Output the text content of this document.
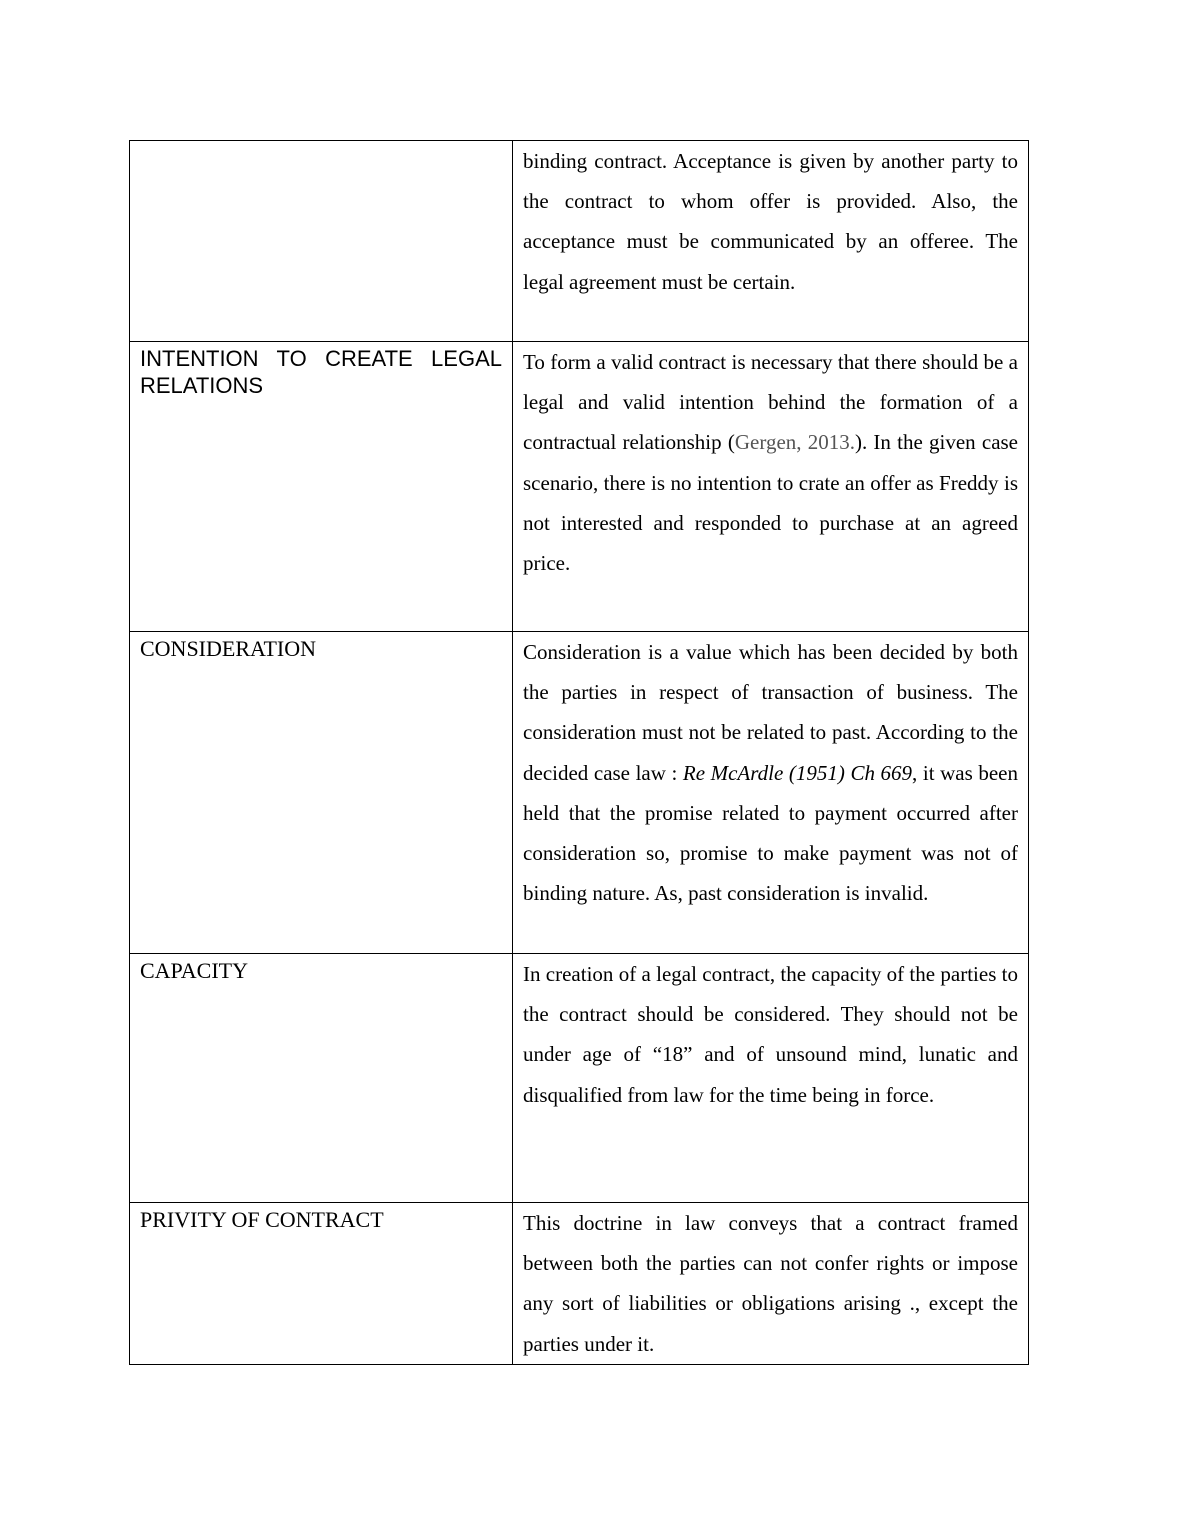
	binding contract. Acceptance is given by another party to the contract to whom offer is provided. Also, the acceptance must be communicated by an offeree. The legal agreement must be certain.

INTENTION TO CREATE LEGAL RELATIONS	To form a valid contract is necessary that there should be a legal and valid intention behind the formation of a contractual relationship (Gergen, 2013.). In the given case scenario, there is no intention to crate an offer as Freddy is not interested and responded to purchase at an agreed price.

CONSIDERATION	Consideration is a value which has been decided by both the parties in respect of transaction of business. The consideration must not be related to past. According to the decided case law : Re McArdle (1951) Ch 669, it was been held that the promise related to payment occurred after consideration so, promise to make payment was not of binding nature. As, past consideration is invalid.

CAPACITY	In creation of a legal contract, the capacity of the parties to the contract should be considered. They should not be under age of “18” and of unsound mind, lunatic and disqualified from law for the time being in force.

PRIVITY OF CONTRACT	This doctrine in law conveys that a contract framed between both the parties can not confer rights or impose any sort of liabilities or obligations arising ., except the parties under it.
